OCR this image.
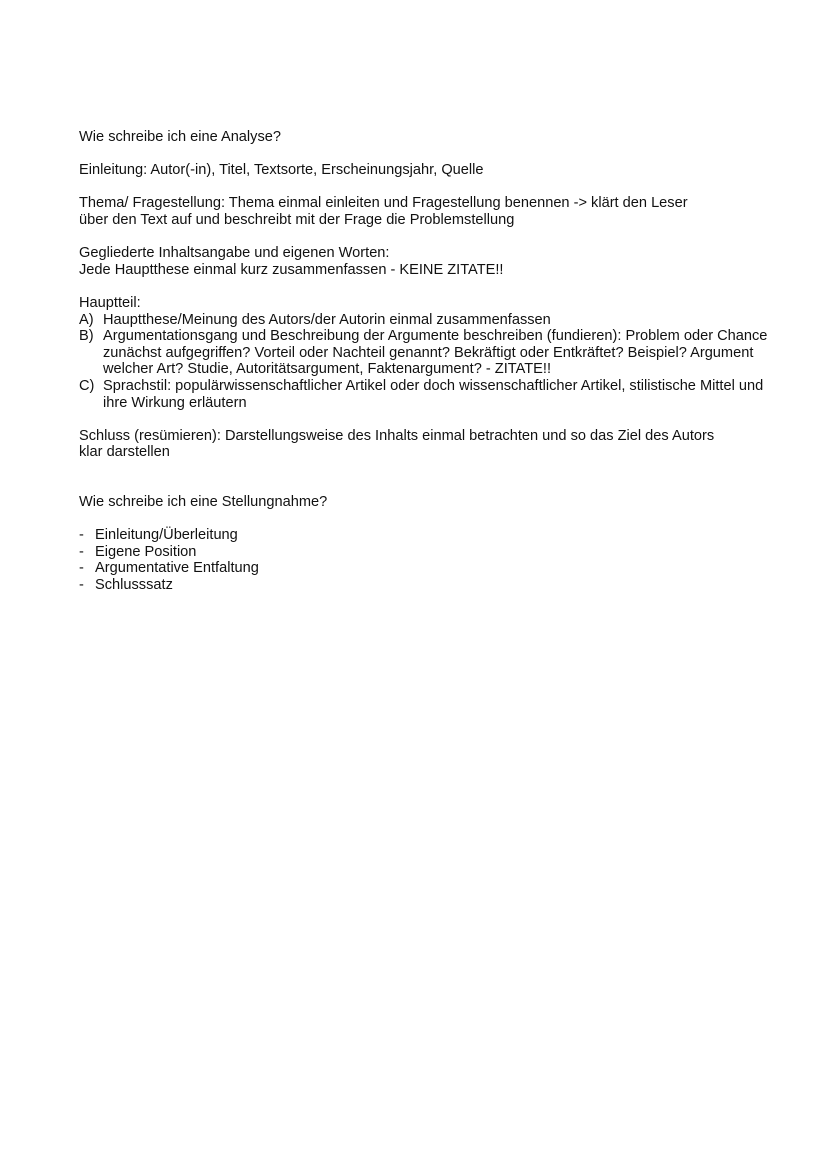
Wie schreibe ich eine Analyse?

Einleitung: Autor(-in), Titel, Textsorte, Erscheinungsjahr, Quelle

Thema/ Fragestellung: Thema einmal einleiten und Fragestellung benennen -> klärt den Leser

über den Text auf und beschreibt mit der Frage die Problemstellung

Gegliederte Inhaltsangabe und eigenen Worten:

Jede Hauptthese einmal kurz zusammenfassen - KEINE ZITATE!!

Hauptteil:

A) Hauptthese/Meinung des Autors/der Autorin einmal zusammenfassen
B) Argumentationsgang und Beschreibung der Argumente beschreiben (fundieren): Problem oder Chance zunächst aufgegriffen? Vorteil oder Nachteil genannt? Bekräftigt oder Entkräftet? Beispiel? Argument welcher Art? Studie, Autoritätsargument, Faktenargument? - ZITATE!!
C) Sprachstil: populärwissenschaftlicher Artikel oder doch wissenschaftlicher Artikel, stilistische Mittel und ihre Wirkung erläutern

Schluss (resümieren): Darstellungsweise des Inhalts einmal betrachten und so das Ziel des Autors

klar darstellen

Wie schreibe ich eine Stellungnahme?

- Einleitung/Überleitung
- Eigene Position
- Argumentative Entfaltung
- Schlusssatz
